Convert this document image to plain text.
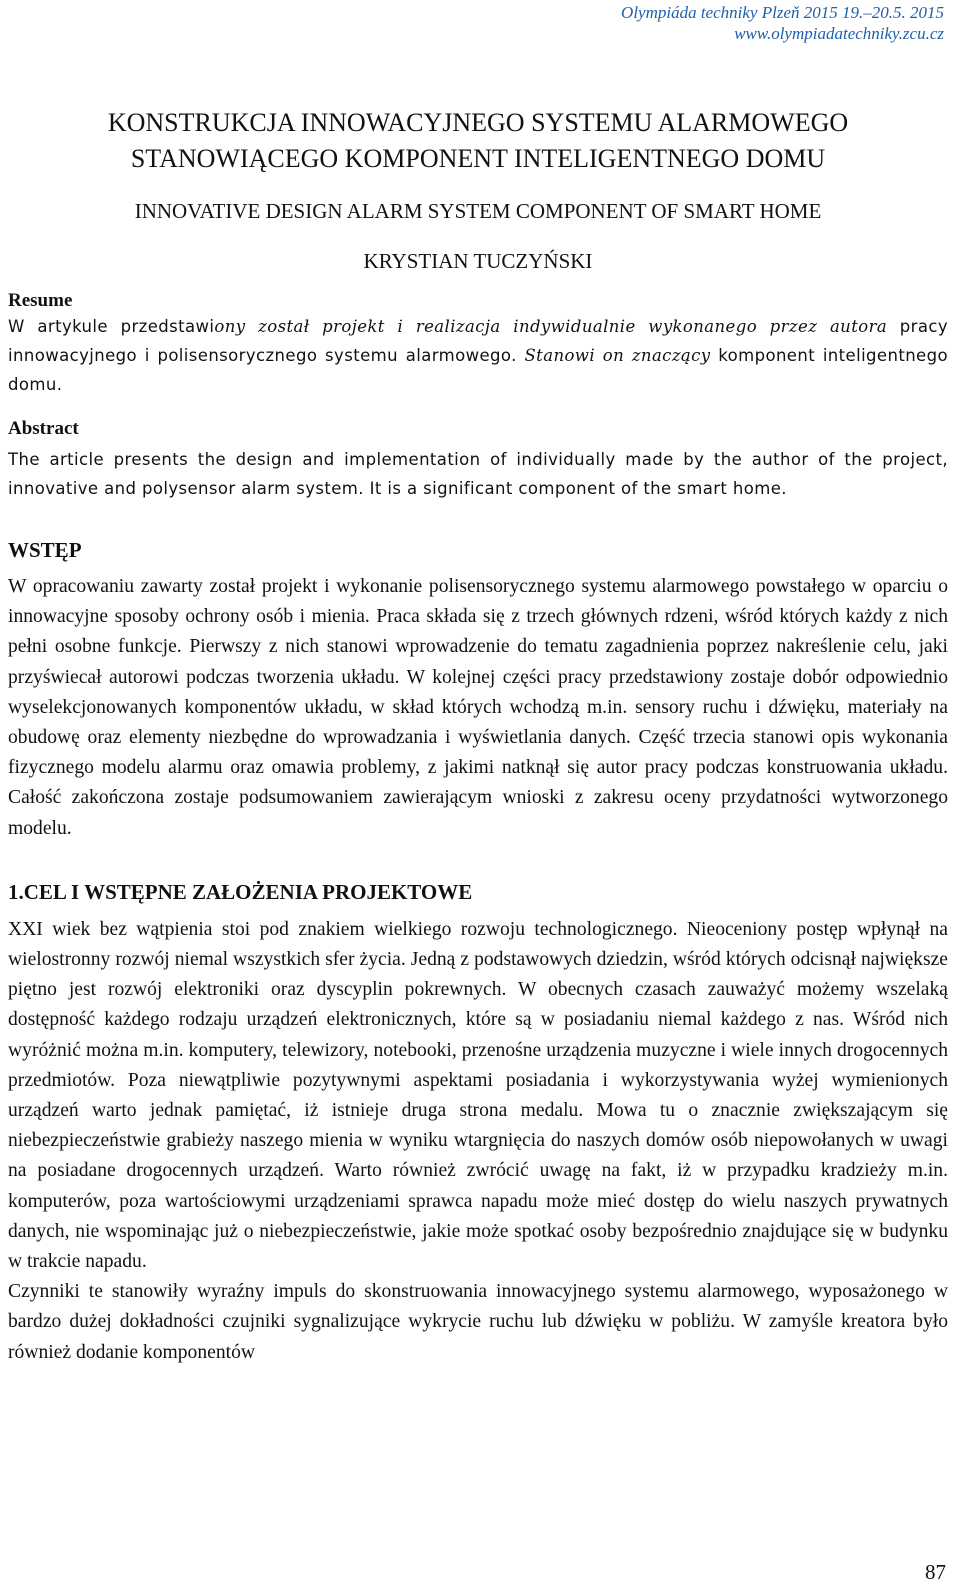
Olympiáda techniky Plzeň 2015 19.–20.5. 2015
www.olympiadatechniky.zcu.cz
KONSTRUKCJA INNOWACYJNEGO SYSTEMU ALARMOWEGO
STANOWIĄCEGO KOMPONENT INTELIGENTNEGO DOMU
INNOVATIVE DESIGN ALARM SYSTEM COMPONENT OF SMART HOME
KRYSTIAN TUCZYŃSKI
Resume

W artykule przedstawiony został projekt i realizacja indywidualnie wykonanego przez autora pracy innowacyjnego i polisensorycznego systemu alarmowego. Stanowi on znaczący komponent inteligentnego domu.

Abstract

The article presents the design and implementation of individually made by the author of the project, innovative and polysensor alarm system. It is a significant component of the smart home.

WSTĘP

W opracowaniu zawarty został projekt i wykonanie polisensorycznego systemu alarmowego powstałego w oparciu o innowacyjne sposoby ochrony osób i mienia. Praca składa się z trzech głównych rdzeni, wśród których każdy z nich pełni osobne funkcje. Pierwszy z nich stanowi wprowadzenie do tematu zagadnienia poprzez nakreślenie celu, jaki przyświecał autorowi podczas tworzenia układu. W kolejnej części pracy przedstawiony zostaje dobór odpowiednio wyselekcjonowanych komponentów układu, w skład których wchodzą m.in. sensory ruchu i dźwięku, materiały na obudowę oraz elementy niezbędne do wprowadzania i wyświetlania danych. Część trzecia stanowi opis wykonania fizycznego modelu alarmu oraz omawia problemy, z jakimi natknął się autor pracy podczas konstruowania układu. Całość zakończona zostaje podsumowaniem zawierającym wnioski z zakresu oceny przydatności wytworzonego modelu.

1.CEL I WSTĘPNE ZAŁOŻENIA PROJEKTOWE

XXI wiek bez wątpienia stoi pod znakiem wielkiego rozwoju technologicznego. Nieoceniony postęp wpłynął na wielostronny rozwój niemal wszystkich sfer życia. Jedną z podstawowych dziedzin, wśród których odcisnął największe piętno jest rozwój elektroniki oraz dyscyplin pokrewnych. W obecnych czasach zauważyć możemy wszelaką dostępność każdego rodzaju urządzeń elektronicznych, które są w posiadaniu niemal każdego z nas. Wśród nich wyróżnić można m.in. komputery, telewizory, notebooki, przenośne urządzenia muzyczne i wiele innych drogocennych przedmiotów. Poza niewątpliwie pozytywnymi aspektami posiadania i wykorzystywania wyżej wymienionych urządzeń warto jednak pamiętać, iż istnieje druga strona medalu. Mowa tu o znacznie zwiększającym się niebezpieczeństwie grabieży naszego mienia w wyniku wtargnięcia do naszych domów osób niepowołanych w uwagi na posiadane drogocennych urządzeń. Warto również zwrócić uwagę na fakt, iż w przypadku kradzieży m.in. komputerów, poza wartościowymi urządzeniami sprawca napadu może mieć dostęp do wielu naszych prywatnych danych, nie wspominając już o niebezpieczeństwie, jakie może spotkać osoby bezpośrednio znajdujące się w budynku w trakcie napadu.

Czynniki te stanowiły wyraźny impuls do skonstruowania innowacyjnego systemu alarmowego, wyposażonego w bardzo dużej dokładności czujniki sygnalizujące wykrycie ruchu lub dźwięku w pobliżu. W zamyśle kreatora było również dodanie komponentów

87
